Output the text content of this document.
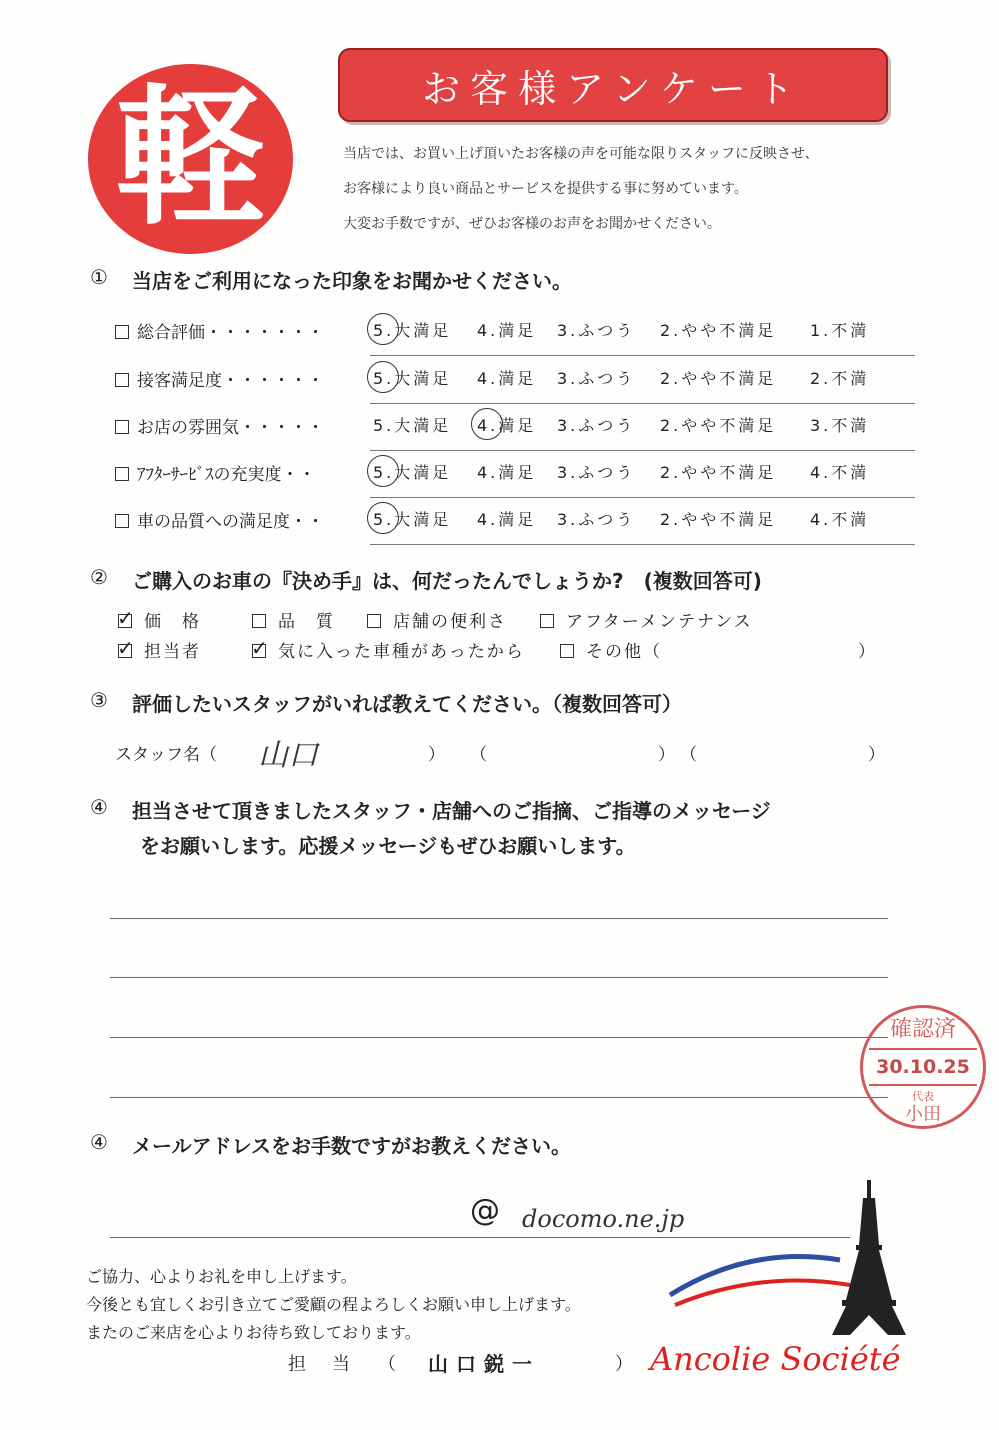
軽	お客様アンケート
当店では、お買い上げ頂いたお客様の声を可能な限りスタッフに反映させ、
お客様により良い商品とサービスを提供する事に努めています。
大変お手数ですが、ぜひお客様のお声をお聞かせください。
① 当店をご利用になった印象をお聞かせください。
総合評価・・・・・・・	5.大満足 4.満足 3.ふつう 2.やや不満足 1.不満
接客満足度・・・・・・	5.大満足 4.満足 3.ふつう 2.やや不満足 2.不満
お店の雰囲気・・・・・	5.大満足 4.満足 3.ふつう 2.やや不満足 3.不満
ｱﾌﾀｰｻｰﾋﾞｽの充実度・・	5.大満足 4.満足 3.ふつう 2.やや不満足 4.不満
車の品質への満足度・・	5.大満足 4.満足 3.ふつう 2.やや不満足 4.不満
② ご購入のお車の『決め手』は、何だったんでしょうか?　(複数回答可)
✓価　格	品　質	店舗の便利さ	アフターメンテナンス
✓担当者
✓	気に入った車種があったから	その他（	）
③ 評価したいスタッフがいれば教えてください。（複数回答可）
スタッフ名（ 山口	） （	） （	）
④ 担当させて頂きましたスタッフ・店舗へのご指摘、ご指導のメッセージ
をお願いします。応援メッセージもぜひお願いします。
確認済
30.10.25
代表
小田
④ メールアドレスをお手数ですがお教えください。
@ docomo.ne.jp
ご協力、心よりお礼を申し上げます。
今後とも宜しくお引き立てご愛顧の程よろしくお願い申し上げます。
またのご来店を心よりお待ち致しております。
担　当 （ 山口鋭一	） Ancolie Société
